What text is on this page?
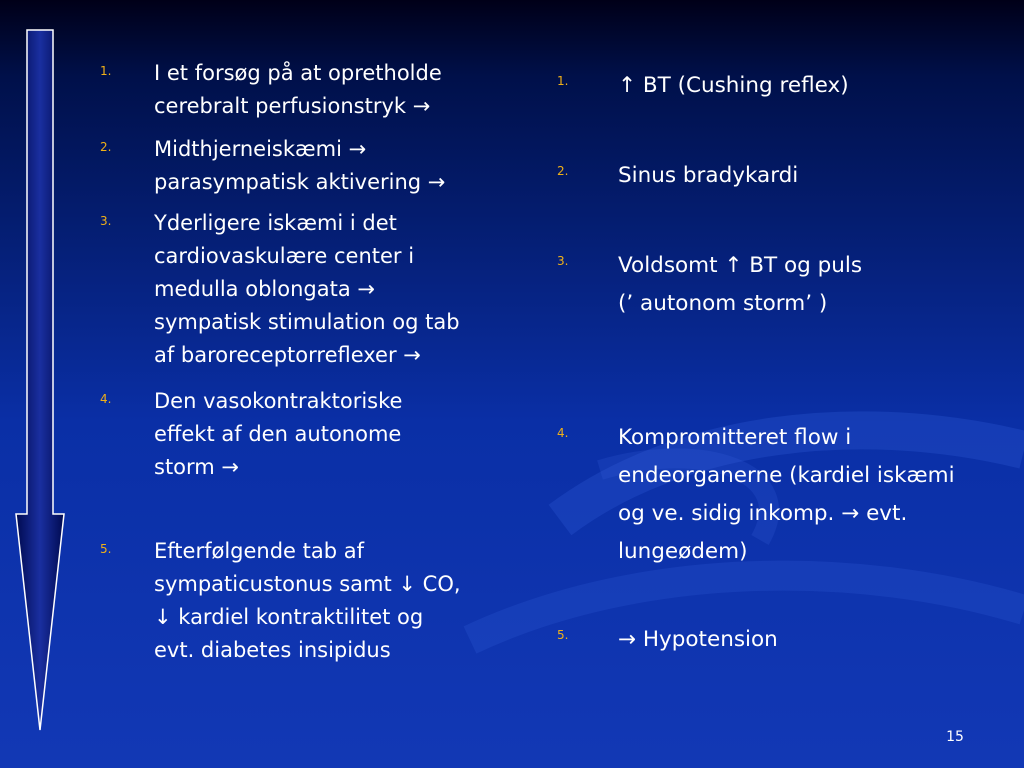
1. I et forsøg på at opretholde
cerebralt perfusionstryk →
2. Midthjerneiskæmi →
parasympatisk aktivering →
3. Yderligere iskæmi i det
cardiovaskulære center i
medulla oblongata →
sympatisk stimulation og tab
af baroreceptorreflexer →
4. Den vasokontraktoriske
effekt af den autonome
storm →
5. Efterfølgende tab af
sympaticustonus samt ↓ CO,
↓ kardiel kontraktilitet og
evt. diabetes insipidus
1. ↑ BT (Cushing reflex)
2. Sinus bradykardi
3. Voldsomt ↑ BT og puls
(’ autonom storm’ )
4. Kompromitteret flow i
endeorganerne (kardiel iskæmi
og ve. sidig inkomp. → evt.
lungeødem)
5. → Hypotension
15
